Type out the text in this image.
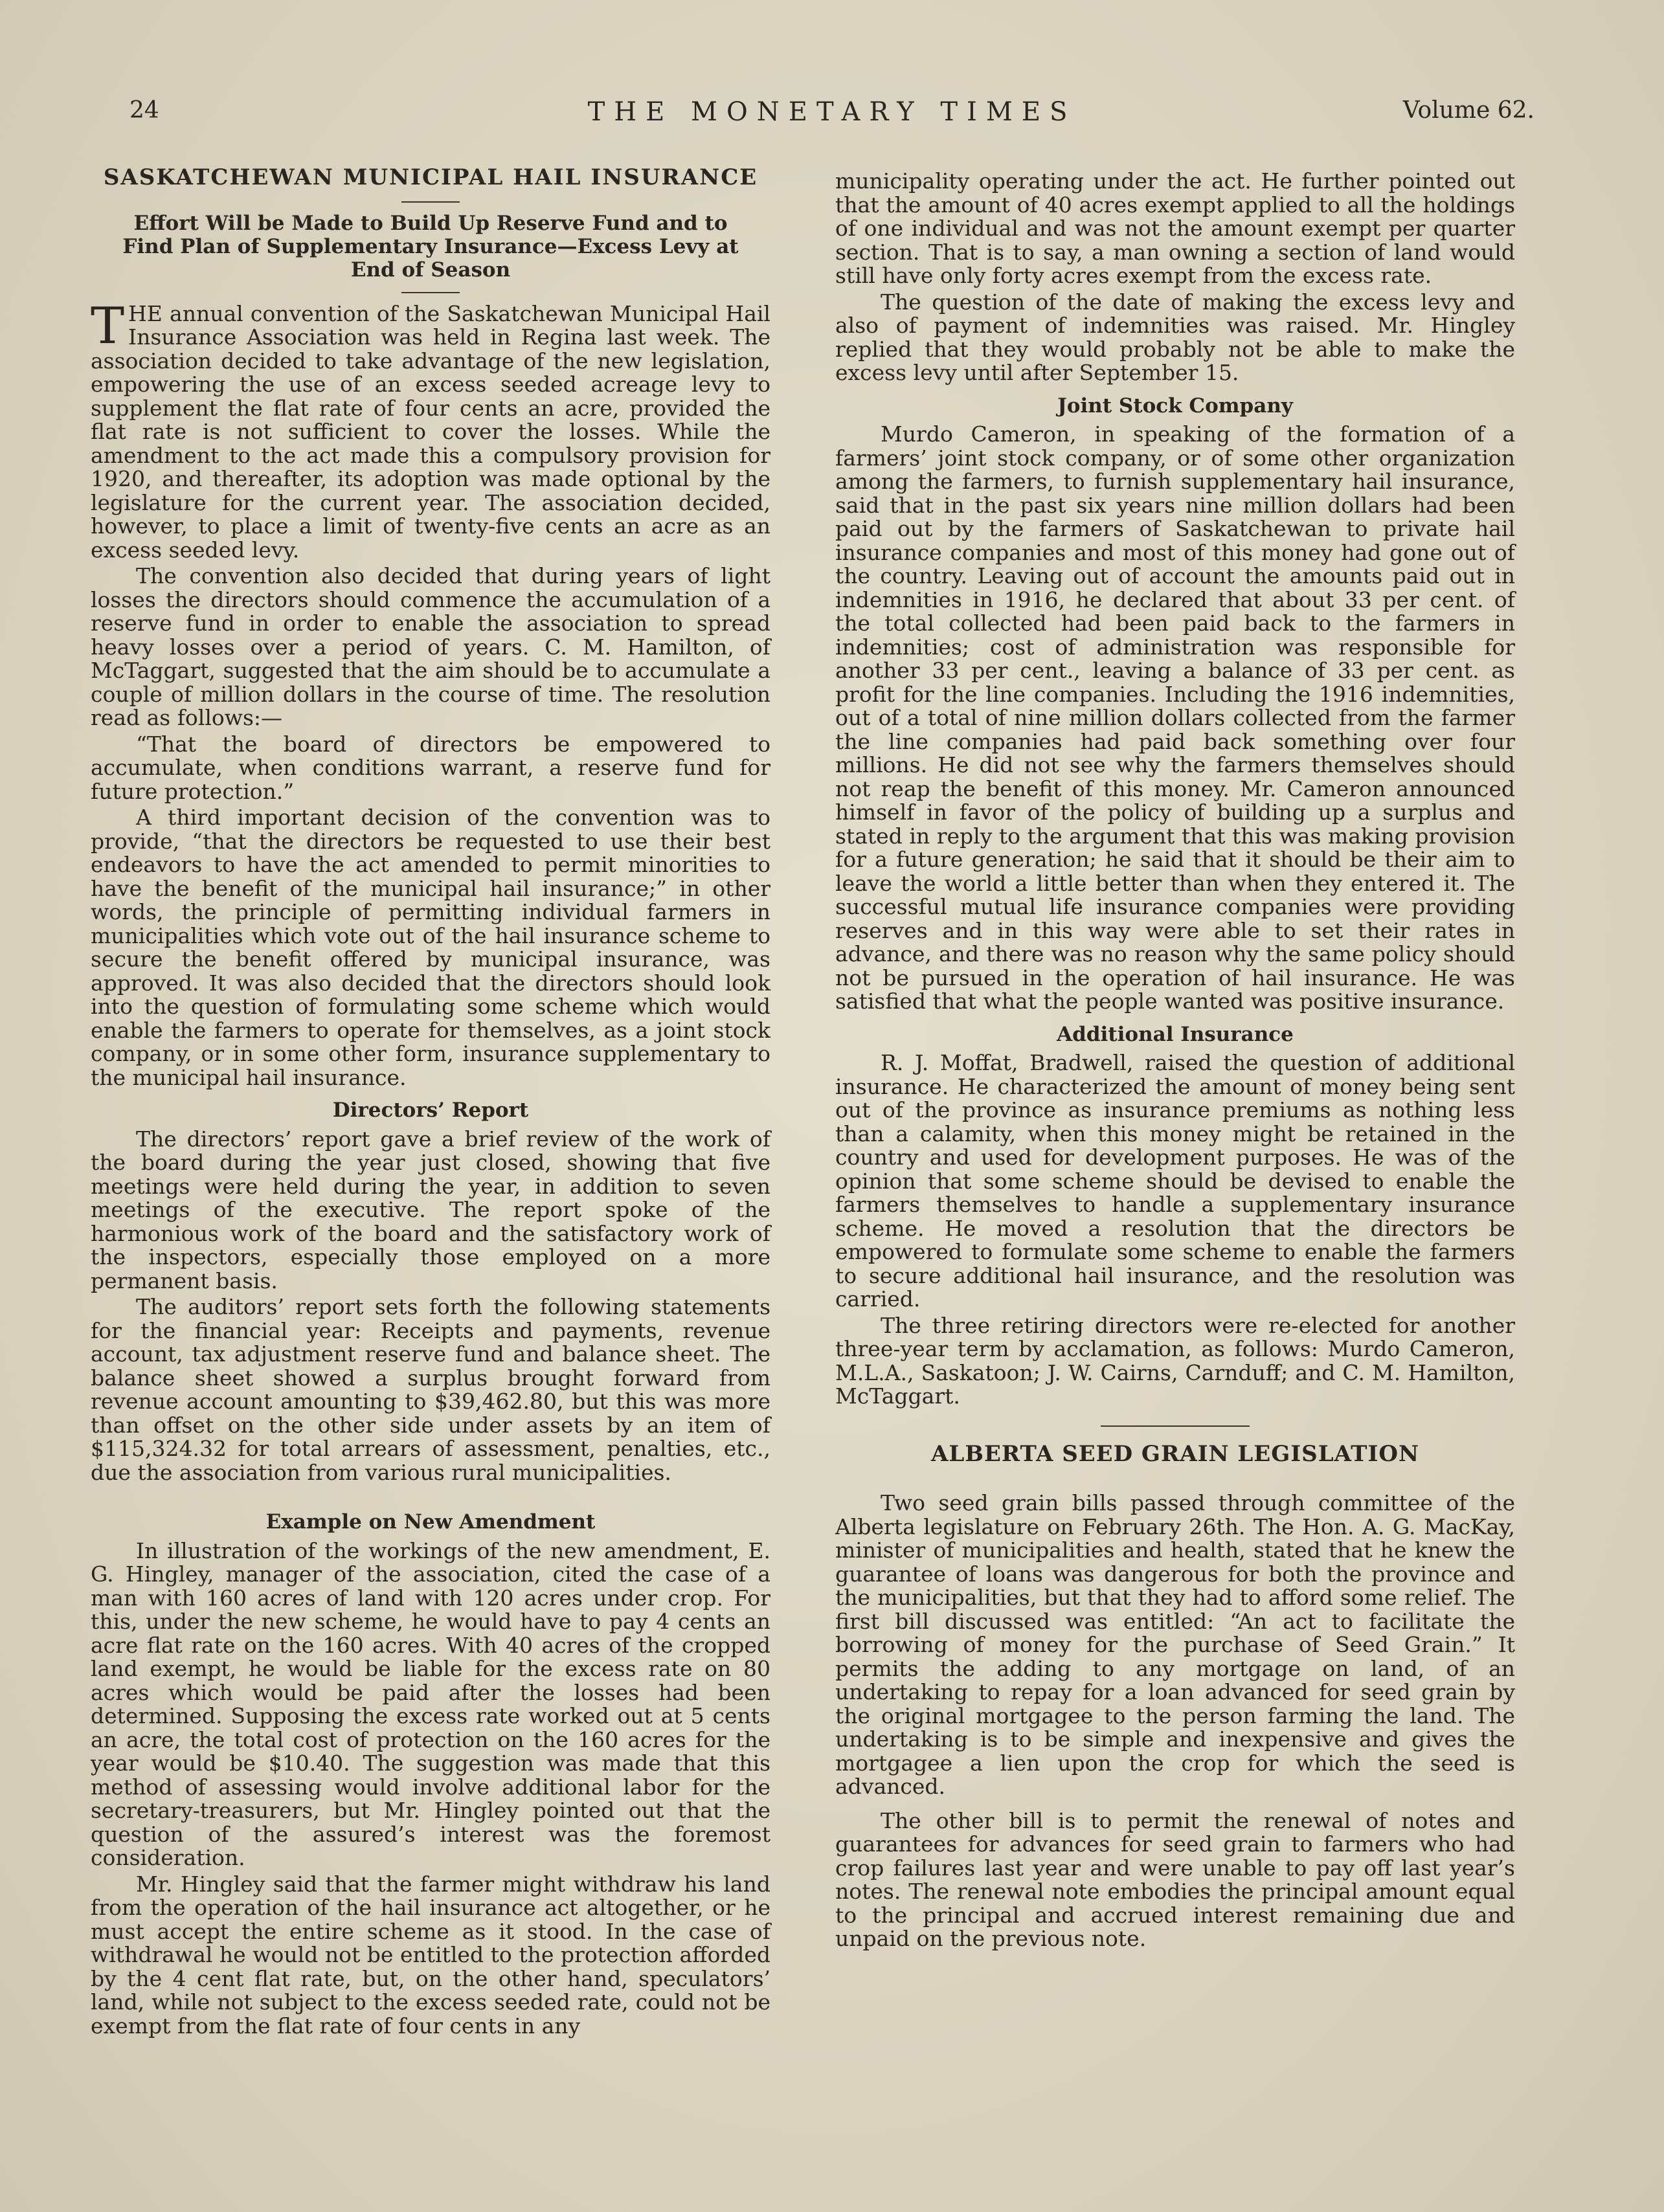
24	THE MONETARY TIMES	Volume 62.
SASKATCHEWAN MUNICIPAL HAIL INSURANCE
Effort Will be Made to Build Up Reserve Fund and to Find Plan of Supplementary Insurance—Excess Levy at End of Season

THE annual convention of the Saskatchewan Municipal Hail Insurance Association was held in Regina last week. The association decided to take advantage of the new legislation, empowering the use of an excess seeded acreage levy to supplement the flat rate of four cents an acre, provided the flat rate is not sufficient to cover the losses. While the amendment to the act made this a compulsory provision for 1920, and thereafter, its adoption was made optional by the legislature for the current year. The association decided, however, to place a limit of twenty-five cents an acre as an excess seeded levy.

The convention also decided that during years of light losses the directors should commence the accumulation of a reserve fund in order to enable the association to spread heavy losses over a period of years. C. M. Hamilton, of McTaggart, suggested that the aim should be to accumulate a couple of million dollars in the course of time. The resolution read as follows:—

“That the board of directors be empowered to accumulate, when conditions warrant, a reserve fund for future protection.”

A third important decision of the convention was to provide, “that the directors be requested to use their best endeavors to have the act amended to permit minorities to have the benefit of the municipal hail insurance;” in other words, the principle of permitting individual farmers in municipalities which vote out of the hail insurance scheme to secure the benefit offered by municipal insurance, was approved. It was also decided that the directors should look into the question of formulating some scheme which would enable the farmers to operate for themselves, as a joint stock company, or in some other form, insurance supplementary to the municipal hail insurance.

Directors’ Report

The directors’ report gave a brief review of the work of the board during the year just closed, showing that five meetings were held during the year, in addition to seven meetings of the executive. The report spoke of the harmonious work of the board and the satisfactory work of the inspectors, especially those employed on a more permanent basis.

The auditors’ report sets forth the following statements for the financial year: Receipts and payments, revenue account, tax adjustment reserve fund and balance sheet. The balance sheet showed a surplus brought forward from revenue account amounting to $39,462.80, but this was more than offset on the other side under assets by an item of $115,324.32 for total arrears of assessment, penalties, etc., due the association from various rural municipalities.

Example on New Amendment

In illustration of the workings of the new amendment, E. G. Hingley, manager of the association, cited the case of a man with 160 acres of land with 120 acres under crop. For this, under the new scheme, he would have to pay 4 cents an acre flat rate on the 160 acres. With 40 acres of the cropped land exempt, he would be liable for the excess rate on 80 acres which would be paid after the losses had been determined. Supposing the excess rate worked out at 5 cents an acre, the total cost of protection on the 160 acres for the year would be $10.40. The suggestion was made that this method of assessing would involve additional labor for the secretary-treasurers, but Mr. Hingley pointed out that the question of the assured’s interest was the foremost consideration.

Mr. Hingley said that the farmer might withdraw his land from the operation of the hail insurance act altogether, or he must accept the entire scheme as it stood. In the case of withdrawal he would not be entitled to the protection afforded by the 4 cent flat rate, but, on the other hand, speculators’ land, while not subject to the excess seeded rate, could not be exempt from the flat rate of four cents in any

municipality operating under the act. He further pointed out that the amount of 40 acres exempt applied to all the holdings of one individual and was not the amount exempt per quarter section. That is to say, a man owning a section of land would still have only forty acres exempt from the excess rate.

The question of the date of making the excess levy and also of payment of indemnities was raised. Mr. Hingley replied that they would probably not be able to make the excess levy until after September 15.

Joint Stock Company

Murdo Cameron, in speaking of the formation of a farmers’ joint stock company, or of some other organization among the farmers, to furnish supplementary hail insurance, said that in the past six years nine million dollars had been paid out by the farmers of Saskatchewan to private hail insurance companies and most of this money had gone out of the country. Leaving out of account the amounts paid out in indemnities in 1916, he declared that about 33 per cent. of the total collected had been paid back to the farmers in indemnities; cost of administration was responsible for another 33 per cent., leaving a balance of 33 per cent. as profit for the line companies. Including the 1916 indemnities, out of a total of nine million dollars collected from the farmer the line companies had paid back something over four millions. He did not see why the farmers themselves should not reap the benefit of this money. Mr. Cameron announced himself in favor of the policy of building up a surplus and stated in reply to the argument that this was making provision for a future generation; he said that it should be their aim to leave the world a little better than when they entered it. The successful mutual life insurance companies were providing reserves and in this way were able to set their rates in advance, and there was no reason why the same policy should not be pursued in the operation of hail insurance. He was satisfied that what the people wanted was positive insurance.

Additional Insurance

R. J. Moffat, Bradwell, raised the question of additional insurance. He characterized the amount of money being sent out of the province as insurance premiums as nothing less than a calamity, when this money might be retained in the country and used for development purposes. He was of the opinion that some scheme should be devised to enable the farmers themselves to handle a supplementary insurance scheme. He moved a resolution that the directors be empowered to formulate some scheme to enable the farmers to secure additional hail insurance, and the resolution was carried.

The three retiring directors were re-elected for another three-year term by acclamation, as follows: Murdo Cameron, M.L.A., Saskatoon; J. W. Cairns, Carnduff; and C. M. Hamilton, McTaggart.

ALBERTA SEED GRAIN LEGISLATION

Two seed grain bills passed through committee of the Alberta legislature on February 26th. The Hon. A. G. MacKay, minister of municipalities and health, stated that he knew the guarantee of loans was dangerous for both the province and the municipalities, but that they had to afford some relief. The first bill discussed was entitled: “An act to facilitate the borrowing of money for the purchase of Seed Grain.” It permits the adding to any mortgage on land, of an undertaking to repay for a loan advanced for seed grain by the original mortgagee to the person farming the land. The undertaking is to be simple and inexpensive and gives the mortgagee a lien upon the crop for which the seed is advanced.

The other bill is to permit the renewal of notes and guarantees for advances for seed grain to farmers who had crop failures last year and were unable to pay off last year’s notes. The renewal note embodies the principal amount equal to the principal and accrued interest remaining due and unpaid on the previous note.
